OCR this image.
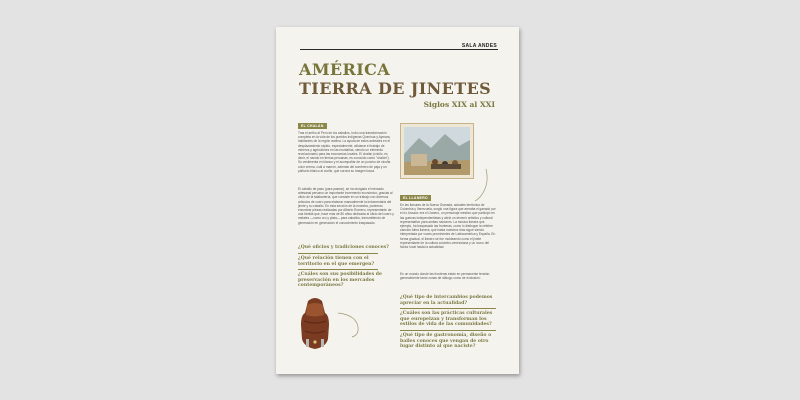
SALA ANDES
AMÉRICA
TIERRA DE JINETES
Siglos XIX al XXI
EL CHALÁN
Tras el arribo al Perú de los caballos, hubo una transformación completa en la vida de los pueblos indígenas Quechua y Aymara, habitantes de la región andina. La ayuda de estos animales en el desplazamiento rápido, especialmente, alivianar el trabajo de mineros y agricultores en las montañas, siendo un elemento revolucionario para las economías locales. El chalán (criollo, es decir, el nacido en tierras peruanas, es conocido como "chalán"). Su vestimenta en blanco y el acompañar de un poncho de vicuña color crema, cuál a marrón, además del sombrero de paja y un pañuelo blanco al cuello, que corona su imagen tosca.
El caballo de paso (para pasear), se ha otorgado el mercado artesanal peruano un importante incremento económico, gracias al oficio de la talabartería, que consiste en un trabajo con diversos artículos de cuero para elaborar manualmente la indumentaria del jinete y su caballo. En esta sección de la muestra, podemos encontrar piezas realizadas por Alberto Romero, representante de una familia que, hace más de 80 años dedicada al oficio del cuero y metales —como oro y plata— para caballos, transmitiendo de generación en generación el conocimiento traspasado.
¿Qué oficios y tradiciones conoces?
¿Qué relación tienen con el territorio en el que emergen?
¿Cuáles son sus posibilidades de preservación en los mercados contemporáneos?
EL LLANERO
En las llanuras de la Nueva Granada, actuales territorios de Colombia y Venezuela, surgió una figura que arreaba el ganado por el río Arauca: era el Llanero, un personaje mestizo que participó en las guerras independentistas y abrió un devenir artístico y cultural representativo para ambas naciones. La música llanera que ejemplo, ha traspasado las fronteras, como lo distingue la célebre canción Alma llanera, que hasta nuestros días sigue siendo interpretada por voces prominentes de Latinoamérica y España. En forma gradual, el llanero se fue moldeando como el jinete representante de la cultura colombo-venezolana y un ícono del folclor local hasta la actualidad.
En un mundo donde las fronteras están en permanente tensión, generalmente tanto zonas de diálogo como de exclusión:
¿Qué tipo de intercambios podemos apreciar en la actualidad?
¿Cuáles son las prácticas culturales que europeizan y transforman los estilos de vida de las comunidades?
¿Qué tipo de gastronomía, diseño o bailes conoces que vengan de otro lugar distinto al que naciste?
